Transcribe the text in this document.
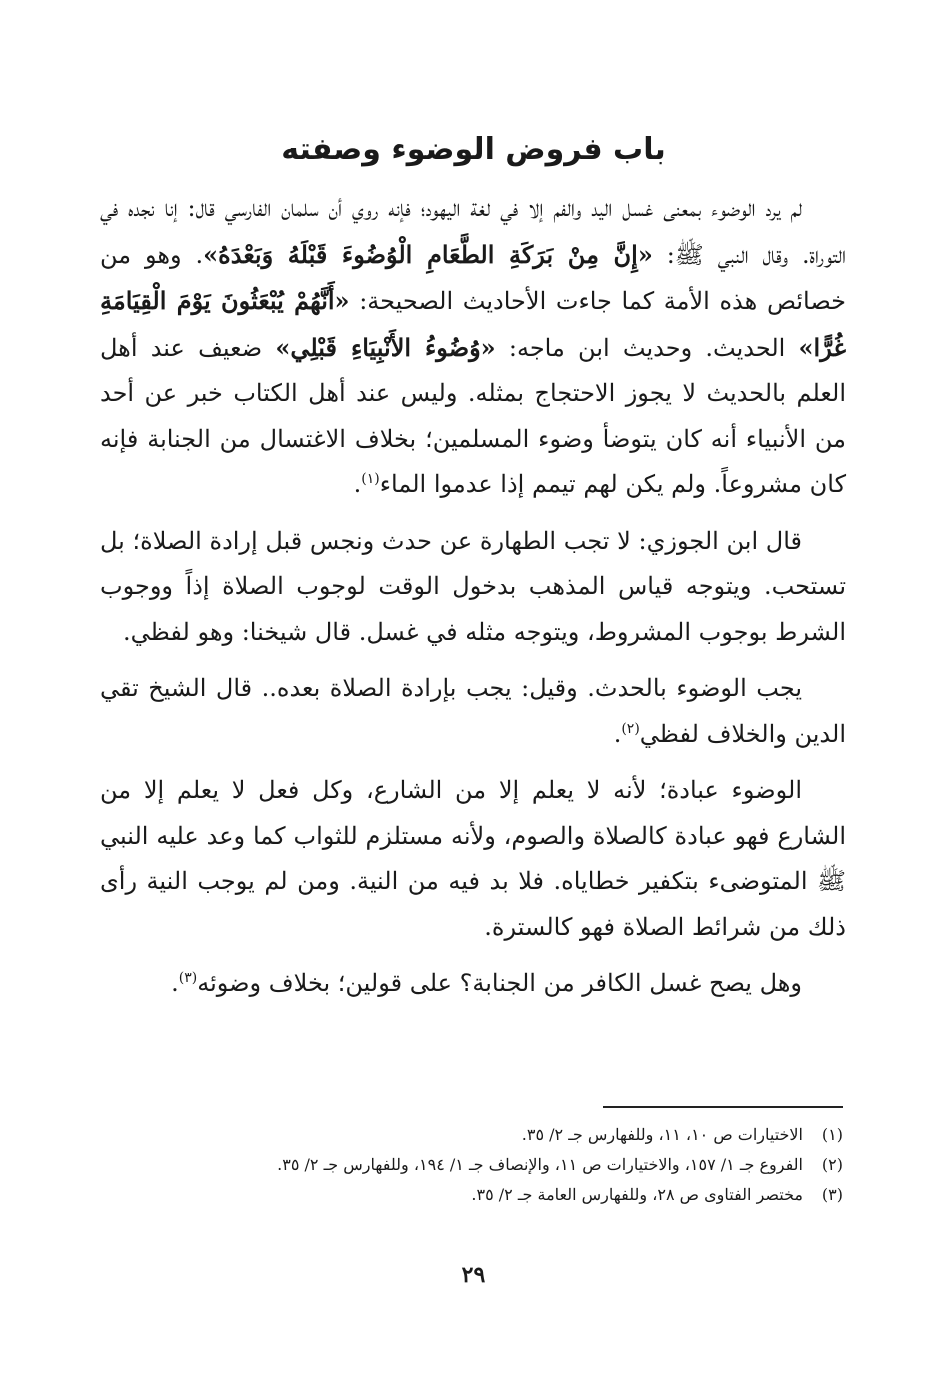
باب فروض الوضوء وصفته

لم يرد الوضوء بمعنى غسل اليد والفم إلا في لغة اليهود؛ فإنه روي أن سلمان الفارسي قال: إنا نجده في التوراة. وقال النبي ﷺ: «إِنَّ مِنْ بَرَكَةِ الطَّعَامِ الْوُضُوءَ قَبْلَهُ وَبَعْدَهُ». وهو من خصائص هذه الأمة كما جاءت الأحاديث الصحيحة: «أَنَّهُمْ يُبْعَثُونَ يَوْمَ الْقِيَامَةِ غُرًّا» الحديث. وحديث ابن ماجه: «وُضُوءُ الأَنْبِيَاءِ قَبْلِي» ضعيف عند أهل العلم بالحديث لا يجوز الاحتجاج بمثله. وليس عند أهل الكتاب خبر عن أحد من الأنبياء أنه كان يتوضأ وضوء المسلمين؛ بخلاف الاغتسال من الجنابة فإنه كان مشروعاً. ولم يكن لهم تيمم إذا عدموا الماء$^{(١)}$.

قال ابن الجوزي: لا تجب الطهارة عن حدث ونجس قبل إرادة الصلاة؛ بل تستحب. ويتوجه قياس المذهب بدخول الوقت لوجوب الصلاة إذاً ووجوب الشرط بوجوب المشروط، ويتوجه مثله في غسل. قال شيخنا: وهو لفظي.

يجب الوضوء بالحدث. وقيل: يجب بإرادة الصلاة بعده.. قال الشيخ تقي الدين والخلاف لفظي$^{(٢)}$.

الوضوء عبادة؛ لأنه لا يعلم إلا من الشارع، وكل فعل لا يعلم إلا من الشارع فهو عبادة كالصلاة والصوم، ولأنه مستلزم للثواب كما وعد عليه النبي ﷺ المتوضىء بتكفير خطاياه. فلا بد فيه من النية. ومن لم يوجب النية رأى ذلك من شرائط الصلاة فهو كالسترة.

وهل يصح غسل الكافر من الجنابة؟ على قولين؛ بخلاف وضوئه$^{(٣)}$.

(١)الاختيارات ص ١٠، ١١، وللفهارس جـ ٢/ ٣٥.
(٢)الفروع جـ ١/ ١٥٧، والاختيارات ص ١١، والإنصاف جـ ١/ ١٩٤، وللفهارس جـ ٢/ ٣٥.
(٣)مختصر الفتاوى ص ٢٨، وللفهارس العامة جـ ٢/ ٣٥.
٢٩
